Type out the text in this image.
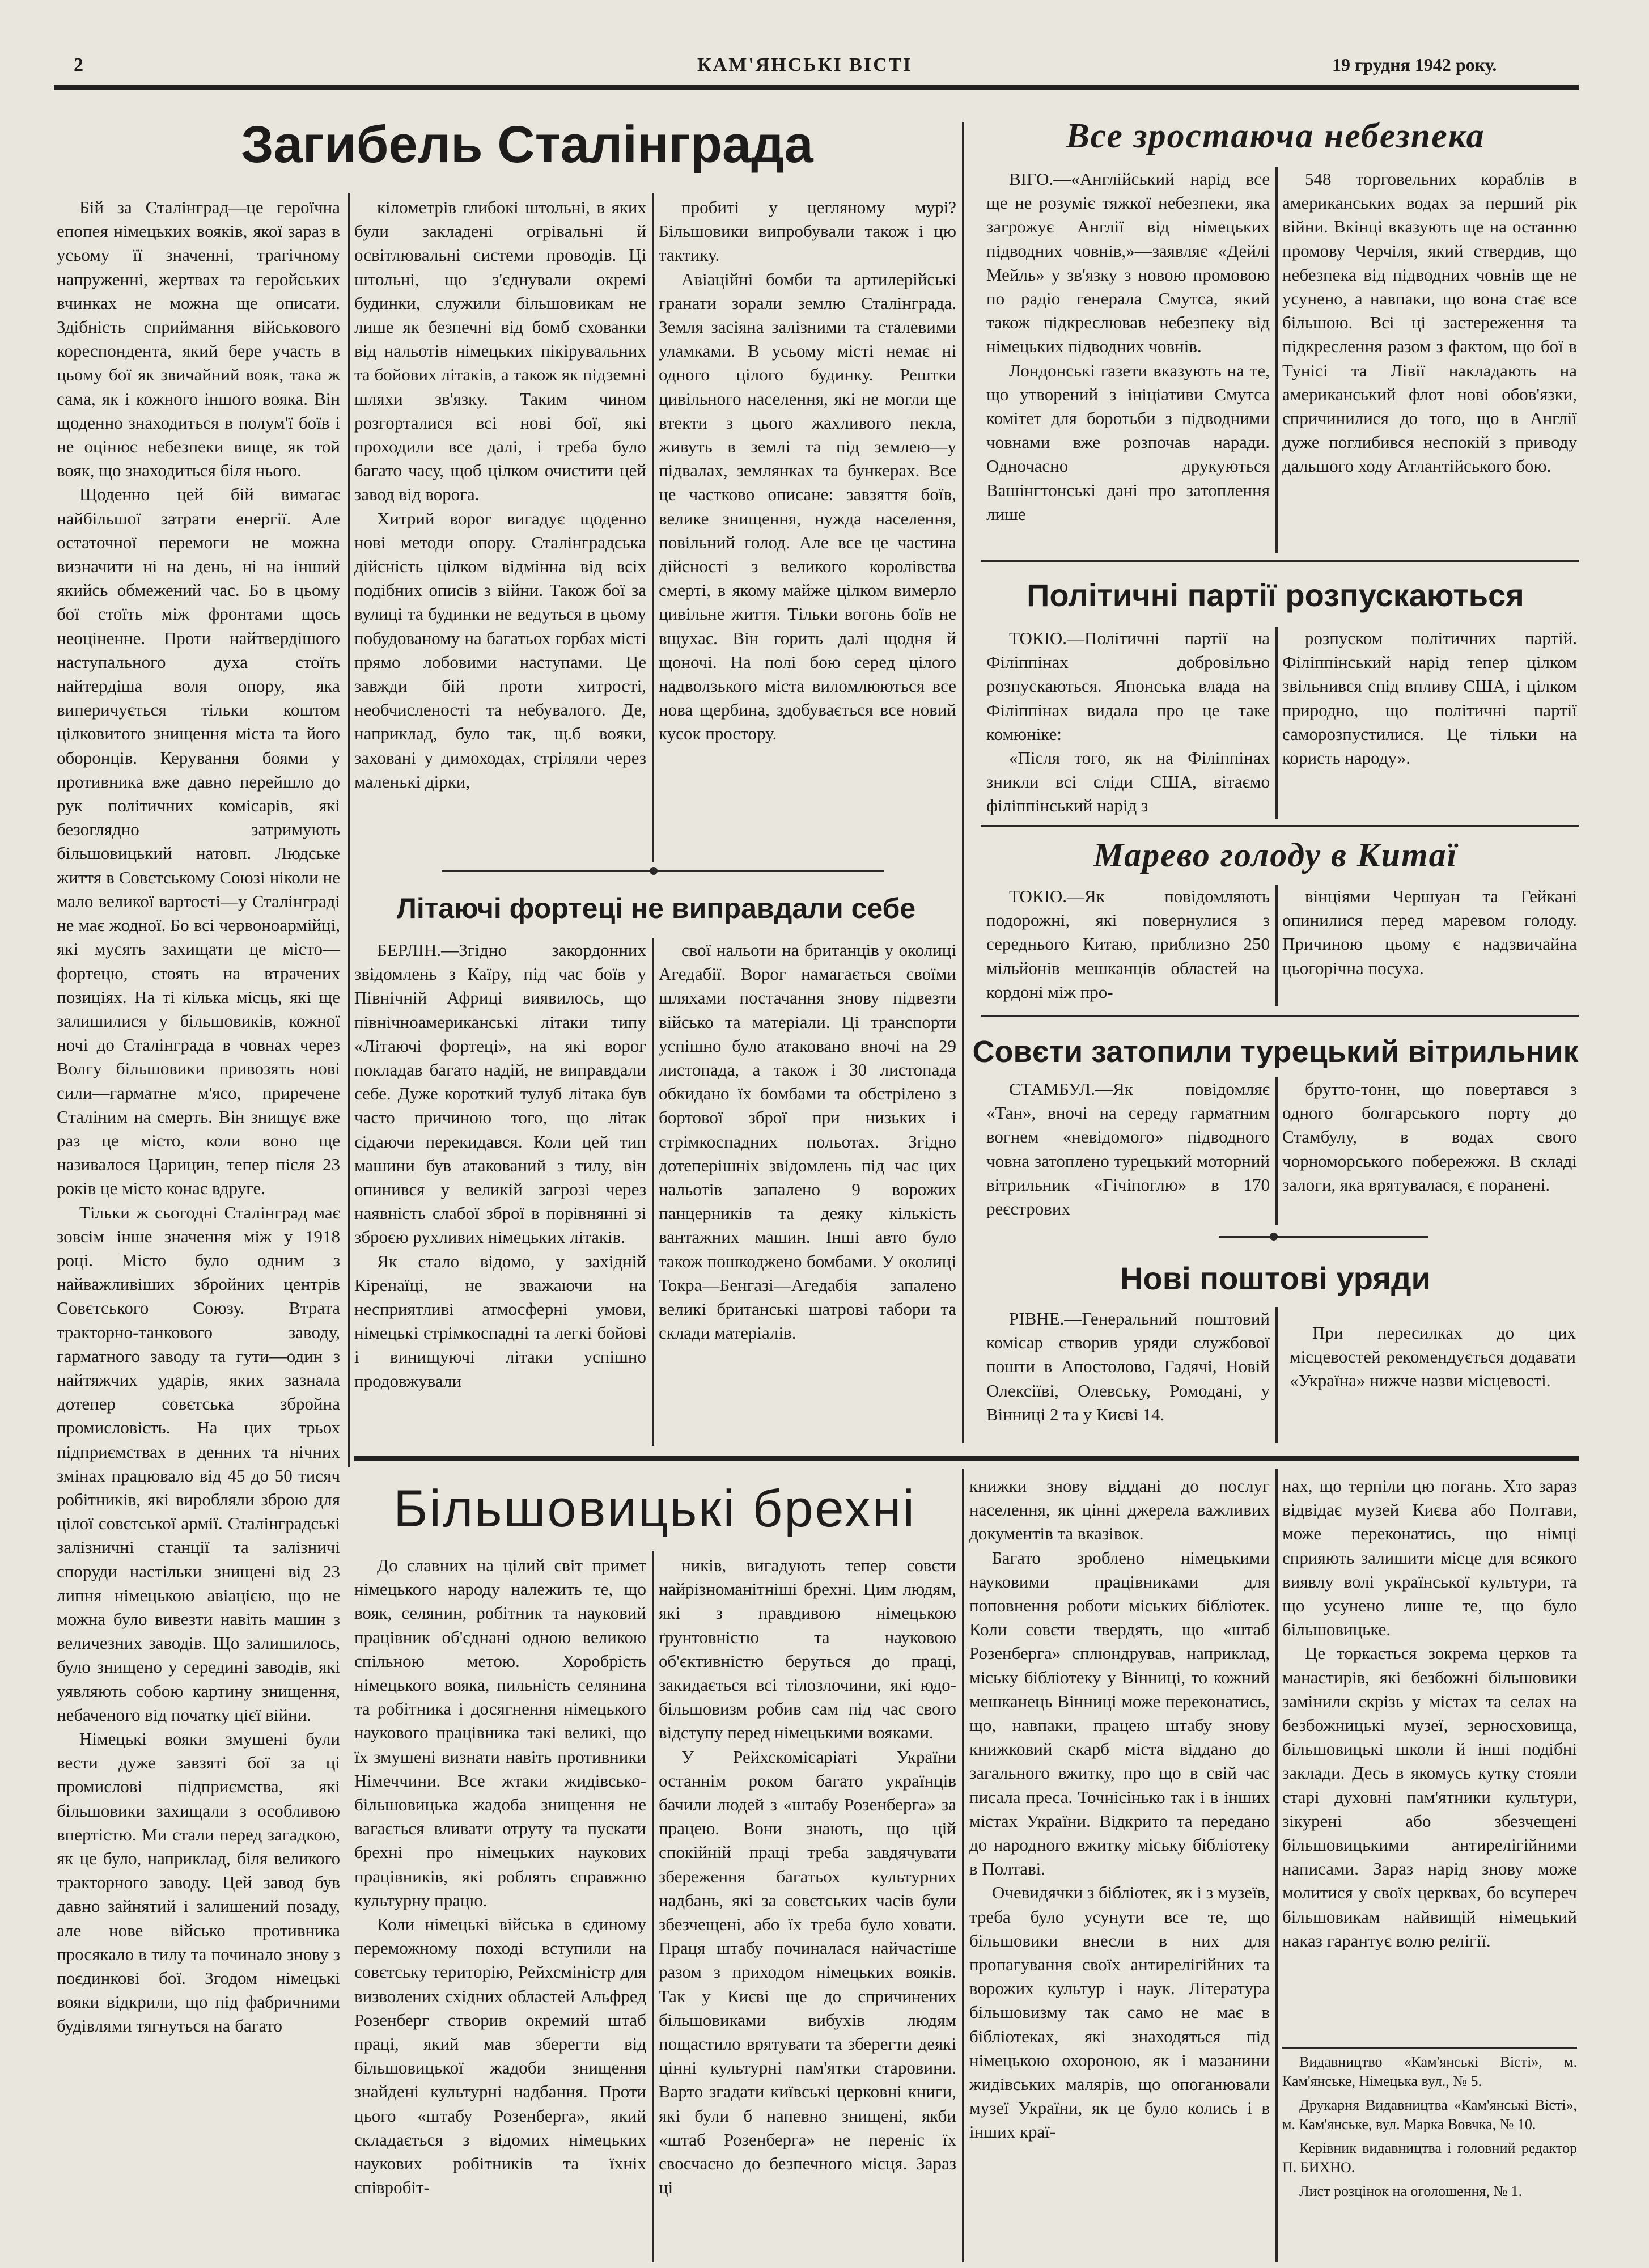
2	КАМ'ЯНСЬКІ ВІСТІ	19 грудня 1942 року.
Загибель Сталінграда

Бій за Сталінград—це героїчна епопея німецьких вояків, якої зараз в усьому її значенні, трагічному напруженні, жертвах та геройських вчинках не можна ще описати. Здібність сприймання військового кореспондента, який бере участь в цьому бої як звичайний вояк, така ж сама, як і кожного іншого вояка. Він щоденно знаходиться в полум'ї боїв і не оцінює небезпеки вище, як той вояк, що знаходиться біля нього.

Щоденно цей бій вимагає найбільшої затрати енергії. Але остаточної перемоги не можна визначити ні на день, ні на інший якийсь обмежений час. Бо в цьому бої стоїть між фронтами щось неоціненне. Проти найтвердішого наступального духа стоїть найтердіша воля опору, яка виперичується тільки коштом цілковитого знищення міста та його оборонців. Керування боями у противника вже давно перейшло до рук політичних комісарів, які безоглядно затримують більшовицький натовп. Людське життя в Совєтському Союзі ніколи не мало великої вартості—у Сталінграді не має жодної. Бо всі червоноармійці, які мусять захищати це місто—фортецю, стоять на втрачених позиціях. На ті кілька місць, які ще залишилися у більшовиків, кожної ночі до Сталінграда в човнах через Волгу більшовики привозять нові сили—гарматне м'ясо, приречене Сталіним на смерть. Він знищує вже раз це місто, коли воно ще називалося Царицин, тепер після 23 років це місто конає вдруге.

Тільки ж сьогодні Сталінград має зовсім інше значення між у 1918 році. Місто було одним з найважливіших збройних центрів Совєтського Союзу. Втрата тракторно-танкового заводу, гарматного заводу та гути—один з найтяжчих ударів, яких зазнала дотепер совєтська збройна промисловість. На цих трьох підприємствах в денних та нічних змінах працювало від 45 до 50 тисяч робітників, які виробляли зброю для цілої совєтської армії. Сталінградські залізничні станції та залізничі споруди настільки знищені від 23 липня німецькою авіацією, що не можна було вивезти навіть машин з величезних заводів. Що залишилось, було знищено у середині заводів, які уявляють собою картину знищення, небаченого від початку цієї війни.

Німецькі вояки змушені були вести дуже завзяті бої за ці промислові підприємства, які більшовики захищали з особливою впертістю. Ми стали перед загадкою, як це було, наприклад, біля великого тракторного заводу. Цей завод був давно зайнятий і залишений позаду, але нове військо противника просякало в тилу та починало знову з поєдинкові бої. Згодом німецькі вояки відкрили, що під фабричними будівлями тягнуться на багато

кілометрів глибокі штольні, в яких були закладені огрівальні й освітлювальні системи проводів. Ці штольні, що з'єднували окремі будинки, служили більшовикам не лише як безпечні від бомб схованки від нальотів німецьких пікірувальних та бойових літаків, а також як підземні шляхи зв'язку. Таким чином розгорталися всі нові бої, які проходили все далі, і треба було багато часу, щоб цілком очистити цей завод від ворога.

Хитрий ворог вигадує щоденно нові методи опору. Сталінградська дійсність цілком відмінна від всіх подібних описів з війни. Також бої за вулиці та будинки не ведуться в цьому побудованому на багатьох горбах місті прямо лобовими наступами. Це завжди бій проти хитрості, необчисленості та небувалого. Де, наприклад, було так, щ.б вояки, заховані у димоходах, стріляли через маленькі дірки,

пробиті у цегляному мурі? Більшовики випробували також і цю тактику.

Авіаційні бомби та артилерійські гранати зорали землю Сталінграда. Земля засіяна залізними та сталевими уламками. В усьому місті немає ні одного цілого будинку. Рештки цивільного населення, які не могли ще втекти з цього жахливого пекла, живуть в землі та під землею—у підвалах, землянках та бункерах. Все це частково описане: завзяття боїв, велике знищення, нужда населення, повільний голод. Але все це частина дійсності з великого королівства смерті, в якому майже цілком вимерло цивільне життя. Тільки вогонь боїв не вщухає. Він горить далі щодня й щоночі. На полі бою серед цілого надволзького міста виломлюються все нова щербина, здобувається все новий кусок простору.

Літаючі фортеці не виправдали себе

БЕРЛІН.—Згідно закордонних звідомлень з Каїру, під час боїв у Північній Африці виявилось, що північноамериканські літаки типу «Літаючі фортеці», на які ворог покладав багато надій, не виправдали себе. Дуже короткий тулуб літака був часто причиною того, що літак сідаючи перекидався. Коли цей тип машини був атакований з тилу, він опинився у великій загрозі через наявність слабої зброї в порівнянні зі зброєю рухливих німецьких літаків.

Як стало відомо, у західній Кіренаїці, не зважаючи на несприятливі атмосферні умови, німецькі стрімкоспадні та легкі бойові і винищуючі літаки успішно продовжували

свої нальоти на британців у околиці Агедабії. Ворог намагається своїми шляхами постачання знову підвезти військо та матеріали. Ці транспорти успішно було атаковано вночі на 29 листопада, а також і 30 листопада обкидано їх бомбами та обстрілено з бортової зброї при низьких і стрімкоспадних польотах. Згідно дотеперішніх звідомлень під час цих нальотів запалено 9 ворожих панцерників та деяку кількість вантажних машин. Інші авто було також пошкоджено бомбами. У околиці Токра—Бенгазі—Агедабія запалено великі британські шатрові табори та склади матеріалів.

Все зростаюча небезпека

ВІГО.—«Англійський нарід все ще не розуміє тяжкої небезпеки, яка загрожує Англії від німецьких підводних човнів,»—заявляє «Дейлі Мейль» у зв'язку з новою промовою по радіо генерала Смутса, який також підкреслював небезпеку від німецьких підводних човнів.

Лондонські газети вказують на те, що утворений з ініціативи Смутса комітет для боротьби з підводними човнами вже розпочав наради. Одночасно друкуються Вашінгтонські дані про затоплення лише

548 торговельних кораблів в американських водах за перший рік війни. Вкінці вказують ще на останню промову Черчіля, який ствердив, що небезпека від підводних човнів ще не усунено, а навпаки, що вона стає все більшою. Всі ці застереження та підкреслення разом з фактом, що бої в Тунісі та Лівії накладають на американський флот нові обов'язки, спричинилися до того, що в Англії дуже поглибився неспокій з приводу дальшого ходу Атлантійського бою.

Політичні партії розпускаються

ТОКІО.—Політичні партії на Філіппінах добровільно розпускаються. Японська влада на Філіппінах видала про це таке комюніке:

«Після того, як на Філіппінах зникли всі сліди США, вітаємо філіппінський нарід з

розпуском політичних партій. Філіппінський нарід тепер цілком звільнився спід впливу США, і цілком природно, що політичні партії саморозпустилися. Це тільки на користь народу».

Марево голоду в Китаї

ТОКІО.—Як повідомляють подорожні, які повернулися з середнього Китаю, приблизно 250 мільйонів мешканців областей на кордоні між про-

вінціями Чершуан та Гейкані опинилися перед маревом голоду. Причиною цьому є надзвичайна цьогорічна посуха.

Совєти затопили турецький вітрильник

СТАМБУЛ.—Як повідомляє «Тан», вночі на середу гарматним вогнем «невідомого» підводного човна затоплено турецький моторний вітрильник «Гічіпоглю» в 170 реєстрових

брутто-тонн, що повертався з одного болгарського порту до Стамбулу, в водах свого чорноморського побережжя. В складі залоги, яка врятувалася, є поранені.

Нові поштові уряди

РІВНЕ.—Генеральний поштовий комісар створив уряди службової пошти в Апостолово, Гадячі, Новій Олексіїві, Олевську, Ромодані, у Вінниці 2 та у Києві 14.

При пересилках до цих місцевостей рекомендується додавати «Україна» нижче назви місцевості.

Більшовицькі брехні

До славних на цілий світ примет німецького народу належить те, що вояк, селянин, робітник та науковий працівник об'єднані одною великою спільною метою. Хоробрість німецького вояка, пильність селянина та робітника і досягнення німецького наукового працівника такі великі, що їх змушені визнати навіть противники Німеччини. Все жтаки жидівсько-більшовицька жадоба знищення не вагається вливати отруту та пускати брехні про німецьких наукових працівників, які роблять справжню культурну працю.

Коли німецькі війська в єдиному переможному поході вступили на совєтську територію, Рейхсміністр для визволених східних областей Альфред Розенберг створив окремий штаб праці, який мав зберегти від більшовицької жадоби знищення знайдені культурні надбання. Проти цього «штабу Розенберга», який складається з відомих німецьких наукових робітників та їхніх співробіт-

ників, вигадують тепер совєти найрізноманітніші брехні. Цим людям, які з правдивою німецькою ґрунтовністю та науковою об'єктивністю беруться до праці, закидається всі тілозлочини, які юдо-більшовизм робив сам під час свого відступу перед німецькими вояками.

У Рейхскомісаріаті України останнім роком багато українців бачили людей з «штабу Розенберга» за працею. Вони знають, що цій спокійній праці треба завдячувати збереження багатьох культурних надбань, які за совєтських часів були збезчещені, або їх треба було ховати. Праця штабу починалася найчастіше разом з приходом німецьких вояків. Так у Києві ще до спричинених більшовиками вибухів людям пощастило врятувати та зберегти деякі цінні культурні пам'ятки старовини. Варто згадати київські церковні книги, які були б напевно знищені, якби «штаб Розенберга» не переніс їх своєчасно до безпечного місця. Зараз ці

книжки знову віддані до послуг населення, як цінні джерела важливих документів та вказівок.

Багато зроблено німецькими науковими працівниками для поповнення роботи міських бібліотек. Коли совєти твердять, що «штаб Розенберга» сплюндрував, наприклад, міську бібліотеку у Вінниці, то кожний мешканець Вінниці може переконатись, що, навпаки, працею штабу знову книжковий скарб міста віддано до загального вжитку, про що в свій час писала преса. Точнісінько так і в інших містах України. Відкрито та передано до народного вжитку міську бібліотеку в Полтаві.

Очевидячки з бібліотек, як і з музеїв, треба було усунути все те, що більшовики внесли в них для пропагування своїх антирелігійних та ворожих культур і наук. Література більшовизму так само не має в бібліотеках, які знаходяться під німецькою охороною, як і мазанини жидівських малярів, що опоганювали музеї України, як це було колись і в інших краї-

нах, що терпіли цю погань. Хто зараз відвідає музей Києва або Полтави, може переконатись, що німці сприяють залишити місце для всякого виявлу волі української культури, та що усунено лише те, що було більшовицьке.

Це торкається зокрема церков та манастирів, які безбожні більшовики замінили скрізь у містах та селах на безбожницькі музеї, зерносховища, більшовицькі школи й інші подібні заклади. Десь в якомусь кутку стояли старі духовні пам'ятники культури, зікурені або збезчещені більшовицькими антирелігійними написами. Зараз нарід знову може молитися у своїх церквах, бо всупереч більшовикам найвищій німецький наказ гарантує волю релігії.

Видавництво «Кам'янські Вісті», м. Кам'янське, Німецька вул., № 5.

Друкарня Видавництва «Кам'янські Вісті», м. Кам'янське, вул. Марка Вовчка, № 10.

Керівник видавництва і головний редактор П. БИХНО.

Лист розцінок на оголошення, № 1.
